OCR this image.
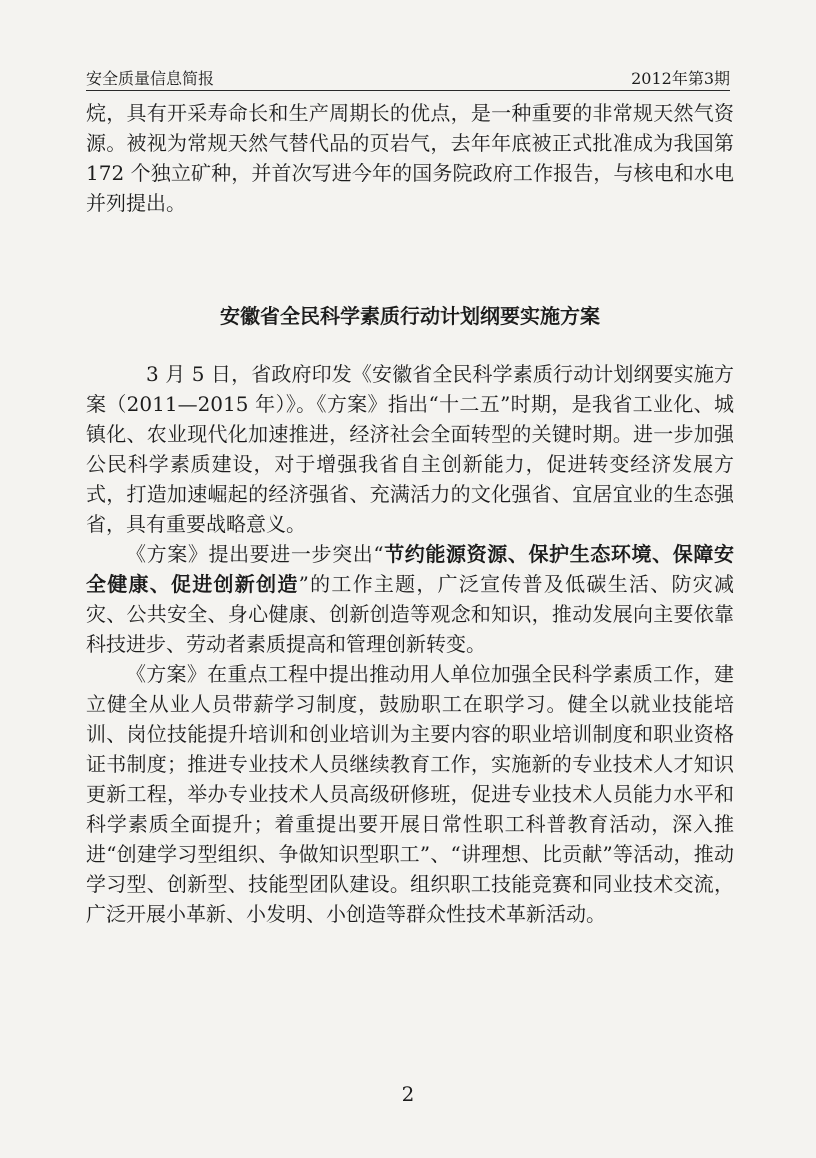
安全质量信息简报	2012年第3期
烷，具有开采寿命长和生产周期长的优点，是一种重要的非常规天然气资源。被视为常规天然气替代品的页岩气，去年年底被正式批准成为我国第 172 个独立矿种，并首次写进今年的国务院政府工作报告，与核电和水电并列提出。
安徽省全民科学素质行动计划纲要实施方案

3 月 5 日，省政府印发《安徽省全民科学素质行动计划纲要实施方案（2011—2015 年）》。《方案》指出“十二五”时期，是我省工业化、城镇化、农业现代化加速推进，经济社会全面转型的关键时期。进一步加强公民科学素质建设，对于增强我省自主创新能力，促进转变经济发展方式，打造加速崛起的经济强省、充满活力的文化强省、宜居宜业的生态强省，具有重要战略意义。

《方案》提出要进一步突出“节约能源资源、保护生态环境、保障安全健康、促进创新创造”的工作主题，广泛宣传普及低碳生活、防灾减灾、公共安全、身心健康、创新创造等观念和知识，推动发展向主要依靠科技进步、劳动者素质提高和管理创新转变。

《方案》在重点工程中提出推动用人单位加强全民科学素质工作，建立健全从业人员带薪学习制度，鼓励职工在职学习。健全以就业技能培训、岗位技能提升培训和创业培训为主要内容的职业培训制度和职业资格证书制度；推进专业技术人员继续教育工作，实施新的专业技术人才知识更新工程，举办专业技术人员高级研修班，促进专业技术人员能力水平和科学素质全面提升；着重提出要开展日常性职工科普教育活动，深入推进“创建学习型组织、争做知识型职工”、“讲理想、比贡献”等活动，推动学习型、创新型、技能型团队建设。组织职工技能竞赛和同业技术交流，广泛开展小革新、小发明、小创造等群众性技术革新活动。

2
